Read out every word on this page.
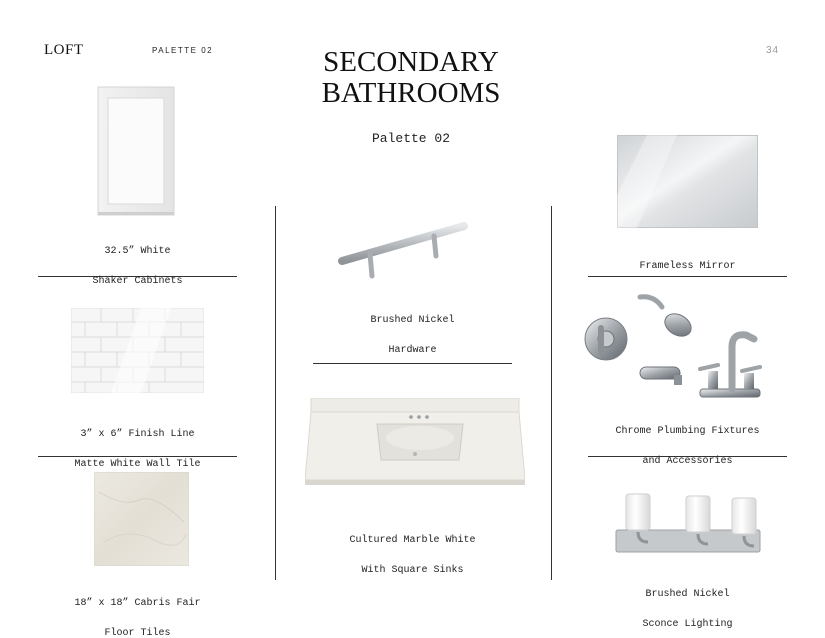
LOFT	PALETTE 02	34
SECONDARY
BATHROOMS
Palette 02

32.5” White

Shaker Cabinets

3” x 6” Finish Line

Matte White Wall Tile

18” x 18” Cabris Fair

Floor Tiles

Brushed Nickel

Hardware

Cultured Marble White

With Square Sinks

Frameless Mirror

Chrome Plumbing Fixtures

and Accessories

Brushed Nickel

Sconce Lighting
